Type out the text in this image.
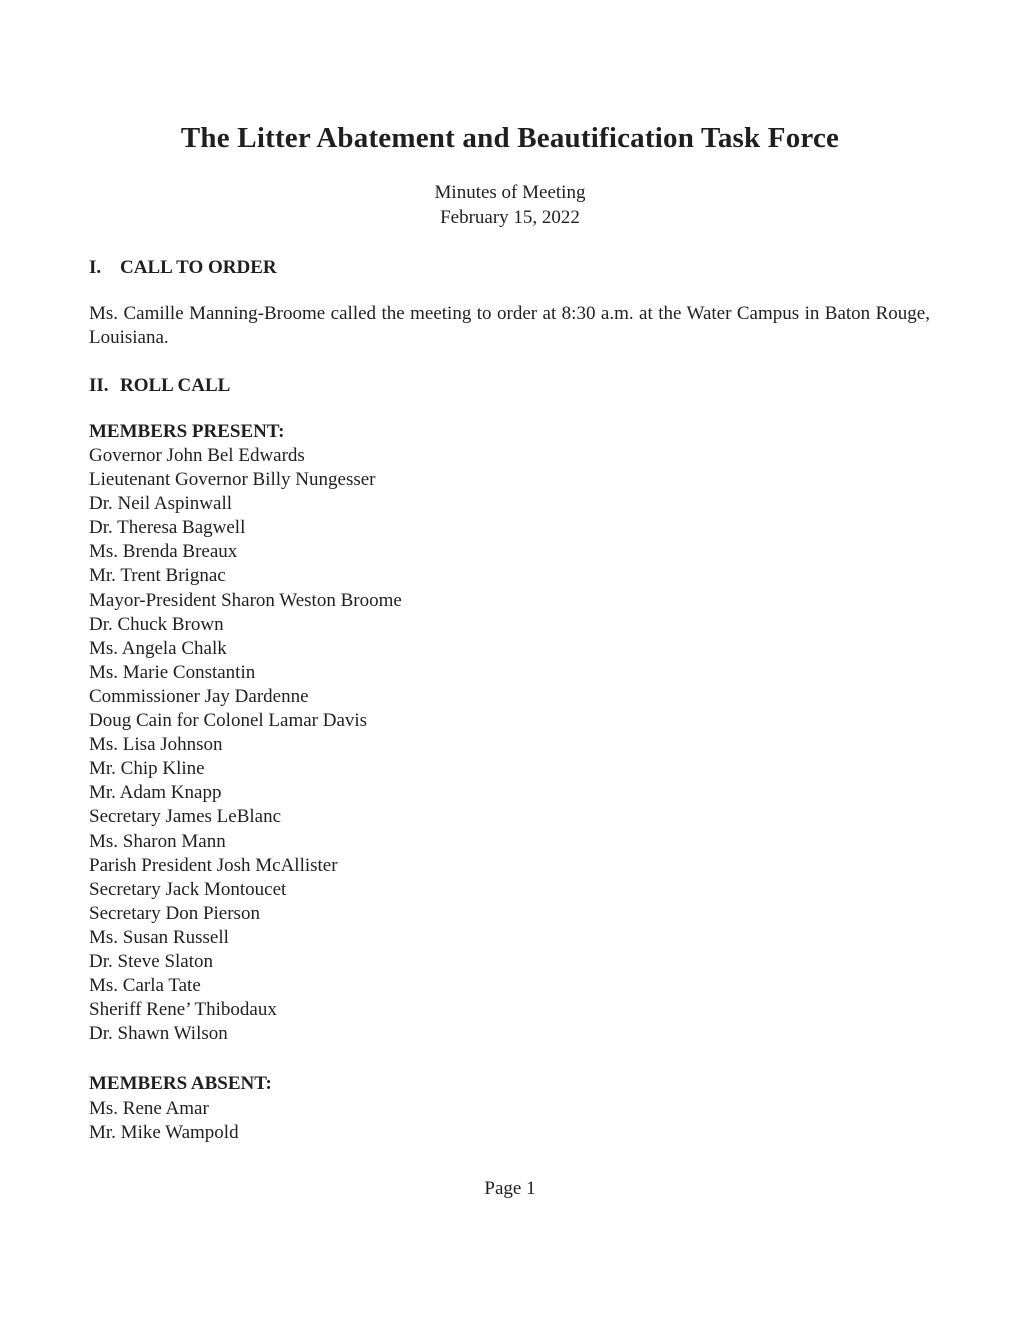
The Litter Abatement and Beautification Task Force
Minutes of Meeting
February 15, 2022
I. CALL TO ORDER
Ms. Camille Manning-Broome called the meeting to order at 8:30 a.m. at the Water Campus in Baton Rouge, Louisiana.
II. ROLL CALL
MEMBERS PRESENT:
Governor John Bel Edwards
Lieutenant Governor Billy Nungesser
Dr. Neil Aspinwall
Dr. Theresa Bagwell
Ms. Brenda Breaux
Mr. Trent Brignac
Mayor-President Sharon Weston Broome
Dr. Chuck Brown
Ms. Angela Chalk
Ms. Marie Constantin
Commissioner Jay Dardenne
Doug Cain for Colonel Lamar Davis
Ms. Lisa Johnson
Mr. Chip Kline
Mr. Adam Knapp
Secretary James LeBlanc
Ms. Sharon Mann
Parish President Josh McAllister
Secretary Jack Montoucet
Secretary Don Pierson
Ms. Susan Russell
Dr. Steve Slaton
Ms. Carla Tate
Sheriff Rene’ Thibodaux
Dr. Shawn Wilson
MEMBERS ABSENT:
Ms. Rene Amar
Mr. Mike Wampold
Page 1
